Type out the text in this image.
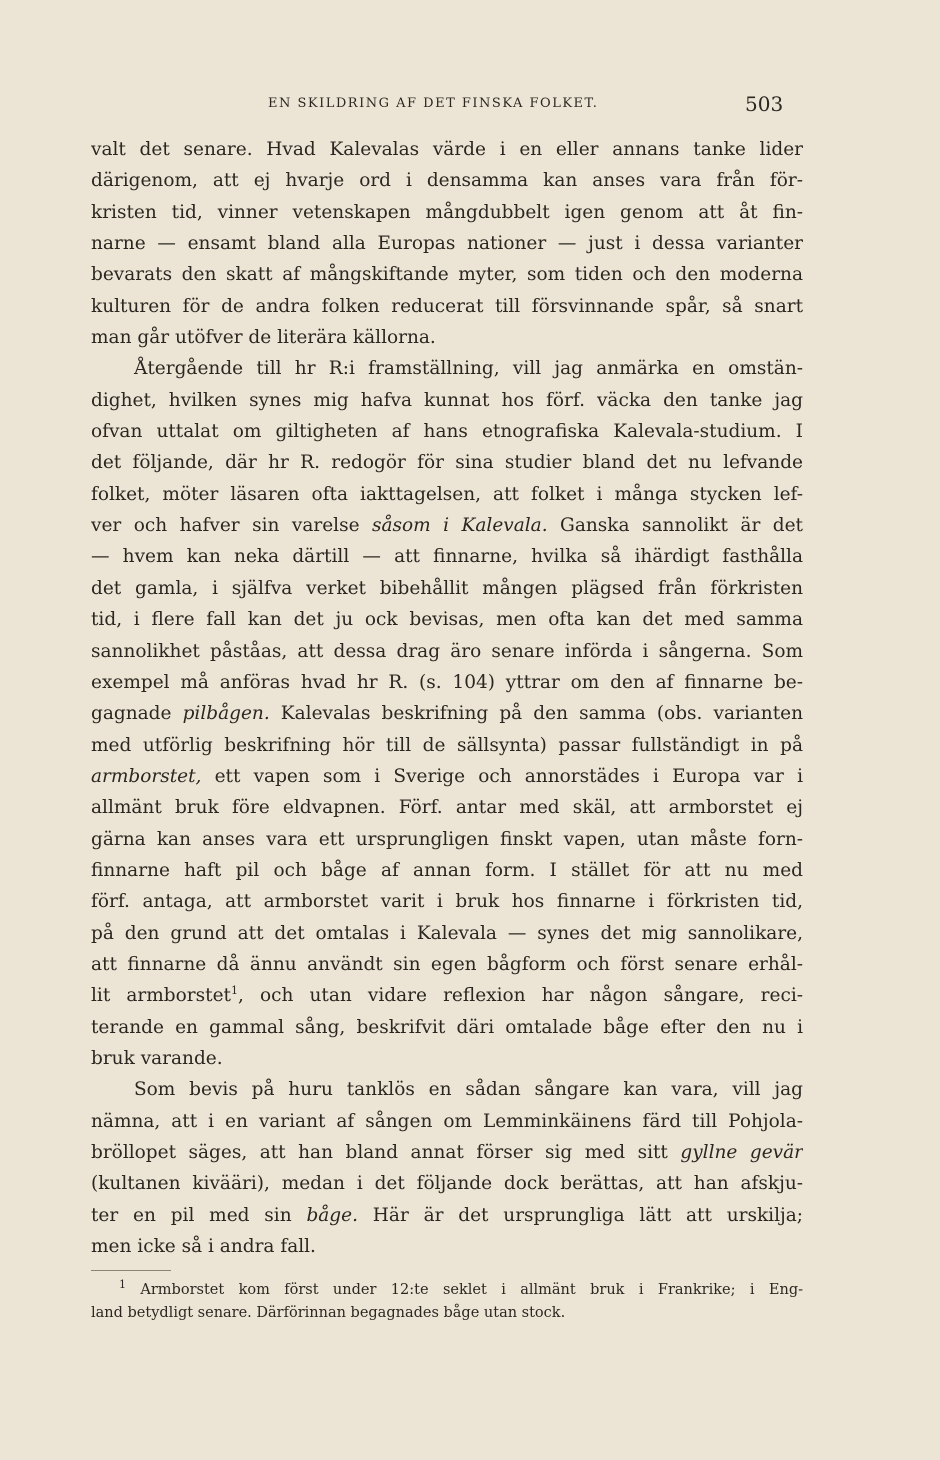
EN SKILDRING AF DET FINSKA FOLKET.	503
valt det senare. Hvad Kalevalas värde i en eller annans tanke lider
därigenom, att ej hvarje ord i densamma kan anses vara från för-
kristen tid, vinner vetenskapen mångdubbelt igen genom att åt fin-
narne — ensamt bland alla Europas nationer — just i dessa varianter
bevarats den skatt af mångskiftande myter, som tiden och den moderna
kulturen för de andra folken reducerat till försvinnande spår, så snart
man går utöfver de literära källorna.
Återgående till hr R:i framställning, vill jag anmärka en omstän-
dighet, hvilken synes mig hafva kunnat hos förf. väcka den tanke jag
ofvan uttalat om giltigheten af hans etnografiska Kalevala-studium. I
det följande, där hr R. redogör för sina studier bland det nu lefvande
folket, möter läsaren ofta iakttagelsen, att folket i många stycken lef-
ver och hafver sin varelse såsom i Kalevala. Ganska sannolikt är det
— hvem kan neka därtill — att finnarne, hvilka så ihärdigt fasthålla
det gamla, i själfva verket bibehållit mången plägsed från förkristen
tid, i flere fall kan det ju ock bevisas, men ofta kan det med samma
sannolikhet påståas, att dessa drag äro senare införda i sångerna. Som
exempel må anföras hvad hr R. (s. 104) yttrar om den af finnarne be-
gagnade pilbågen. Kalevalas beskrifning på den samma (obs. varianten
med utförlig beskrifning hör till de sällsynta) passar fullständigt in på
armborstet, ett vapen som i Sverige och annorstädes i Europa var i
allmänt bruk före eldvapnen. Förf. antar med skäl, att armborstet ej
gärna kan anses vara ett ursprungligen finskt vapen, utan måste forn-
finnarne haft pil och båge af annan form. I stället för att nu med
förf. antaga, att armborstet varit i bruk hos finnarne i förkristen tid,
på den grund att det omtalas i Kalevala — synes det mig sannolikare,
att finnarne då ännu användt sin egen bågform och först senare erhål-
lit armborstet$^1$, och utan vidare reflexion har någon sångare, reci-
terande en gammal sång, beskrifvit däri omtalade båge efter den nu i
bruk varande.
Som bevis på huru tanklös en sådan sångare kan vara, vill jag
nämna, att i en variant af sången om Lemminkäinens färd till Pohjola-
bröllopet säges, att han bland annat förser sig med sitt gyllne gevär
(kultanen kivääri), medan i det följande dock berättas, att han afskju-
ter en pil med sin båge. Här är det ursprungliga lätt att urskilja;
men icke så i andra fall.
$^1$ Armborstet kom först under 12:te seklet i allmänt bruk i Frankrike; i Eng-
land betydligt senare. Därförinnan begagnades båge utan stock.
